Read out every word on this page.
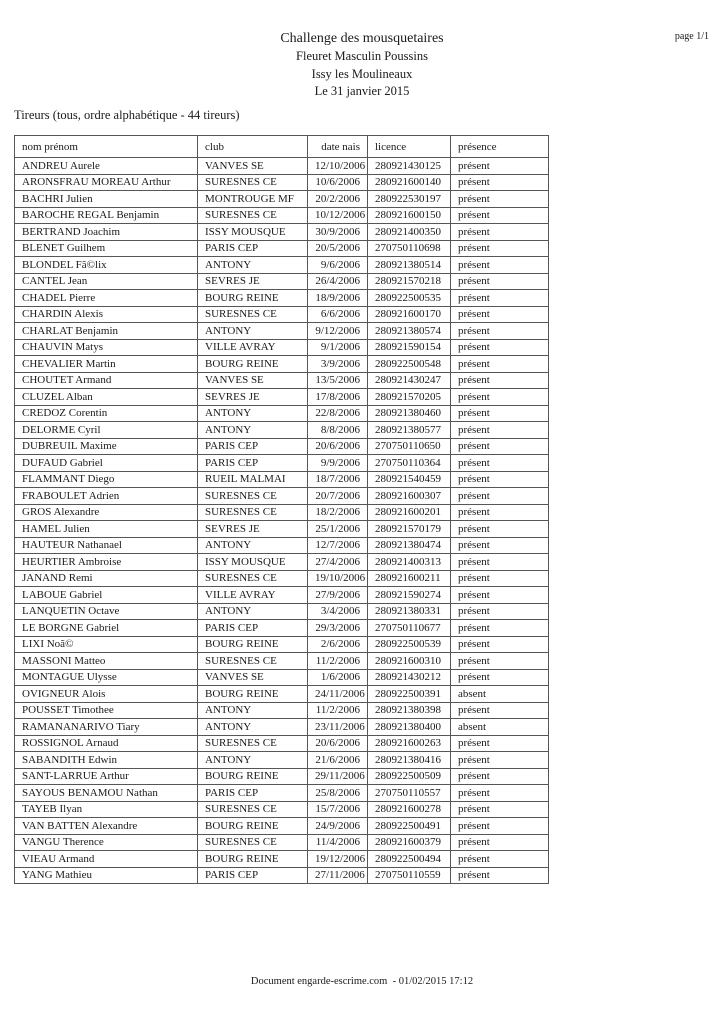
page 1/1
Challenge des mousquetaires
Fleuret Masculin Poussins
Issy les Moulineaux
Le 31 janvier 2015
Tireurs (tous, ordre alphabétique - 44 tireurs)
nom prénom	club	date nais	licence	présence
ANDREU Aurele	VANVES SE	12/10/2006	280921430125	présent
ARONSFRAU MOREAU Arthur	SURESNES CE	10/6/2006	280921600140	présent
BACHRI Julien	MONTROUGE MF	20/2/2006	280922530197	présent
BAROCHE REGAL Benjamin	SURESNES CE	10/12/2006	280921600150	présent
BERTRAND Joachim	ISSY MOUSQUE	30/9/2006	280921400350	présent
BLENET Guilhem	PARIS CEP	20/5/2006	270750110698	présent
BLONDEL Fã©lix	ANTONY	9/6/2006	280921380514	présent
CANTEL Jean	SEVRES JE	26/4/2006	280921570218	présent
CHADEL Pierre	BOURG REINE	18/9/2006	280922500535	présent
CHARDIN Alexis	SURESNES CE	6/6/2006	280921600170	présent
CHARLAT Benjamin	ANTONY	9/12/2006	280921380574	présent
CHAUVIN Matys	VILLE AVRAY	9/1/2006	280921590154	présent
CHEVALIER Martin	BOURG REINE	3/9/2006	280922500548	présent
CHOUTET Armand	VANVES SE	13/5/2006	280921430247	présent
CLUZEL Alban	SEVRES JE	17/8/2006	280921570205	présent
CREDOZ Corentin	ANTONY	22/8/2006	280921380460	présent
DELORME Cyril	ANTONY	8/8/2006	280921380577	présent
DUBREUIL Maxime	PARIS CEP	20/6/2006	270750110650	présent
DUFAUD Gabriel	PARIS CEP	9/9/2006	270750110364	présent
FLAMMANT Diego	RUEIL MALMAI	18/7/2006	280921540459	présent
FRABOULET Adrien	SURESNES CE	20/7/2006	280921600307	présent
GROS Alexandre	SURESNES CE	18/2/2006	280921600201	présent
HAMEL Julien	SEVRES JE	25/1/2006	280921570179	présent
HAUTEUR Nathanael	ANTONY	12/7/2006	280921380474	présent
HEURTIER Ambroise	ISSY MOUSQUE	27/4/2006	280921400313	présent
JANAND Remi	SURESNES CE	19/10/2006	280921600211	présent
LABOUE Gabriel	VILLE AVRAY	27/9/2006	280921590274	présent
LANQUETIN Octave	ANTONY	3/4/2006	280921380331	présent
LE BORGNE Gabriel	PARIS CEP	29/3/2006	270750110677	présent
LIXI Noã©	BOURG REINE	2/6/2006	280922500539	présent
MASSONI Matteo	SURESNES CE	11/2/2006	280921600310	présent
MONTAGUE Ulysse	VANVES SE	1/6/2006	280921430212	présent
OVIGNEUR Alois	BOURG REINE	24/11/2006	280922500391	absent
POUSSET Timothee	ANTONY	11/2/2006	280921380398	présent
RAMANANARIVO Tiary	ANTONY	23/11/2006	280921380400	absent
ROSSIGNOL Arnaud	SURESNES CE	20/6/2006	280921600263	présent
SABANDITH Edwin	ANTONY	21/6/2006	280921380416	présent
SANT-LARRUE Arthur	BOURG REINE	29/11/2006	280922500509	présent
SAYOUS BENAMOU Nathan	PARIS CEP	25/8/2006	270750110557	présent
TAYEB Ilyan	SURESNES CE	15/7/2006	280921600278	présent
VAN BATTEN Alexandre	BOURG REINE	24/9/2006	280922500491	présent
VANGU Therence	SURESNES CE	11/4/2006	280921600379	présent
VIEAU Armand	BOURG REINE	19/12/2006	280922500494	présent
YANG Mathieu	PARIS CEP	27/11/2006	270750110559	présent
Document engarde-escrime.com  - 01/02/2015 17:12
